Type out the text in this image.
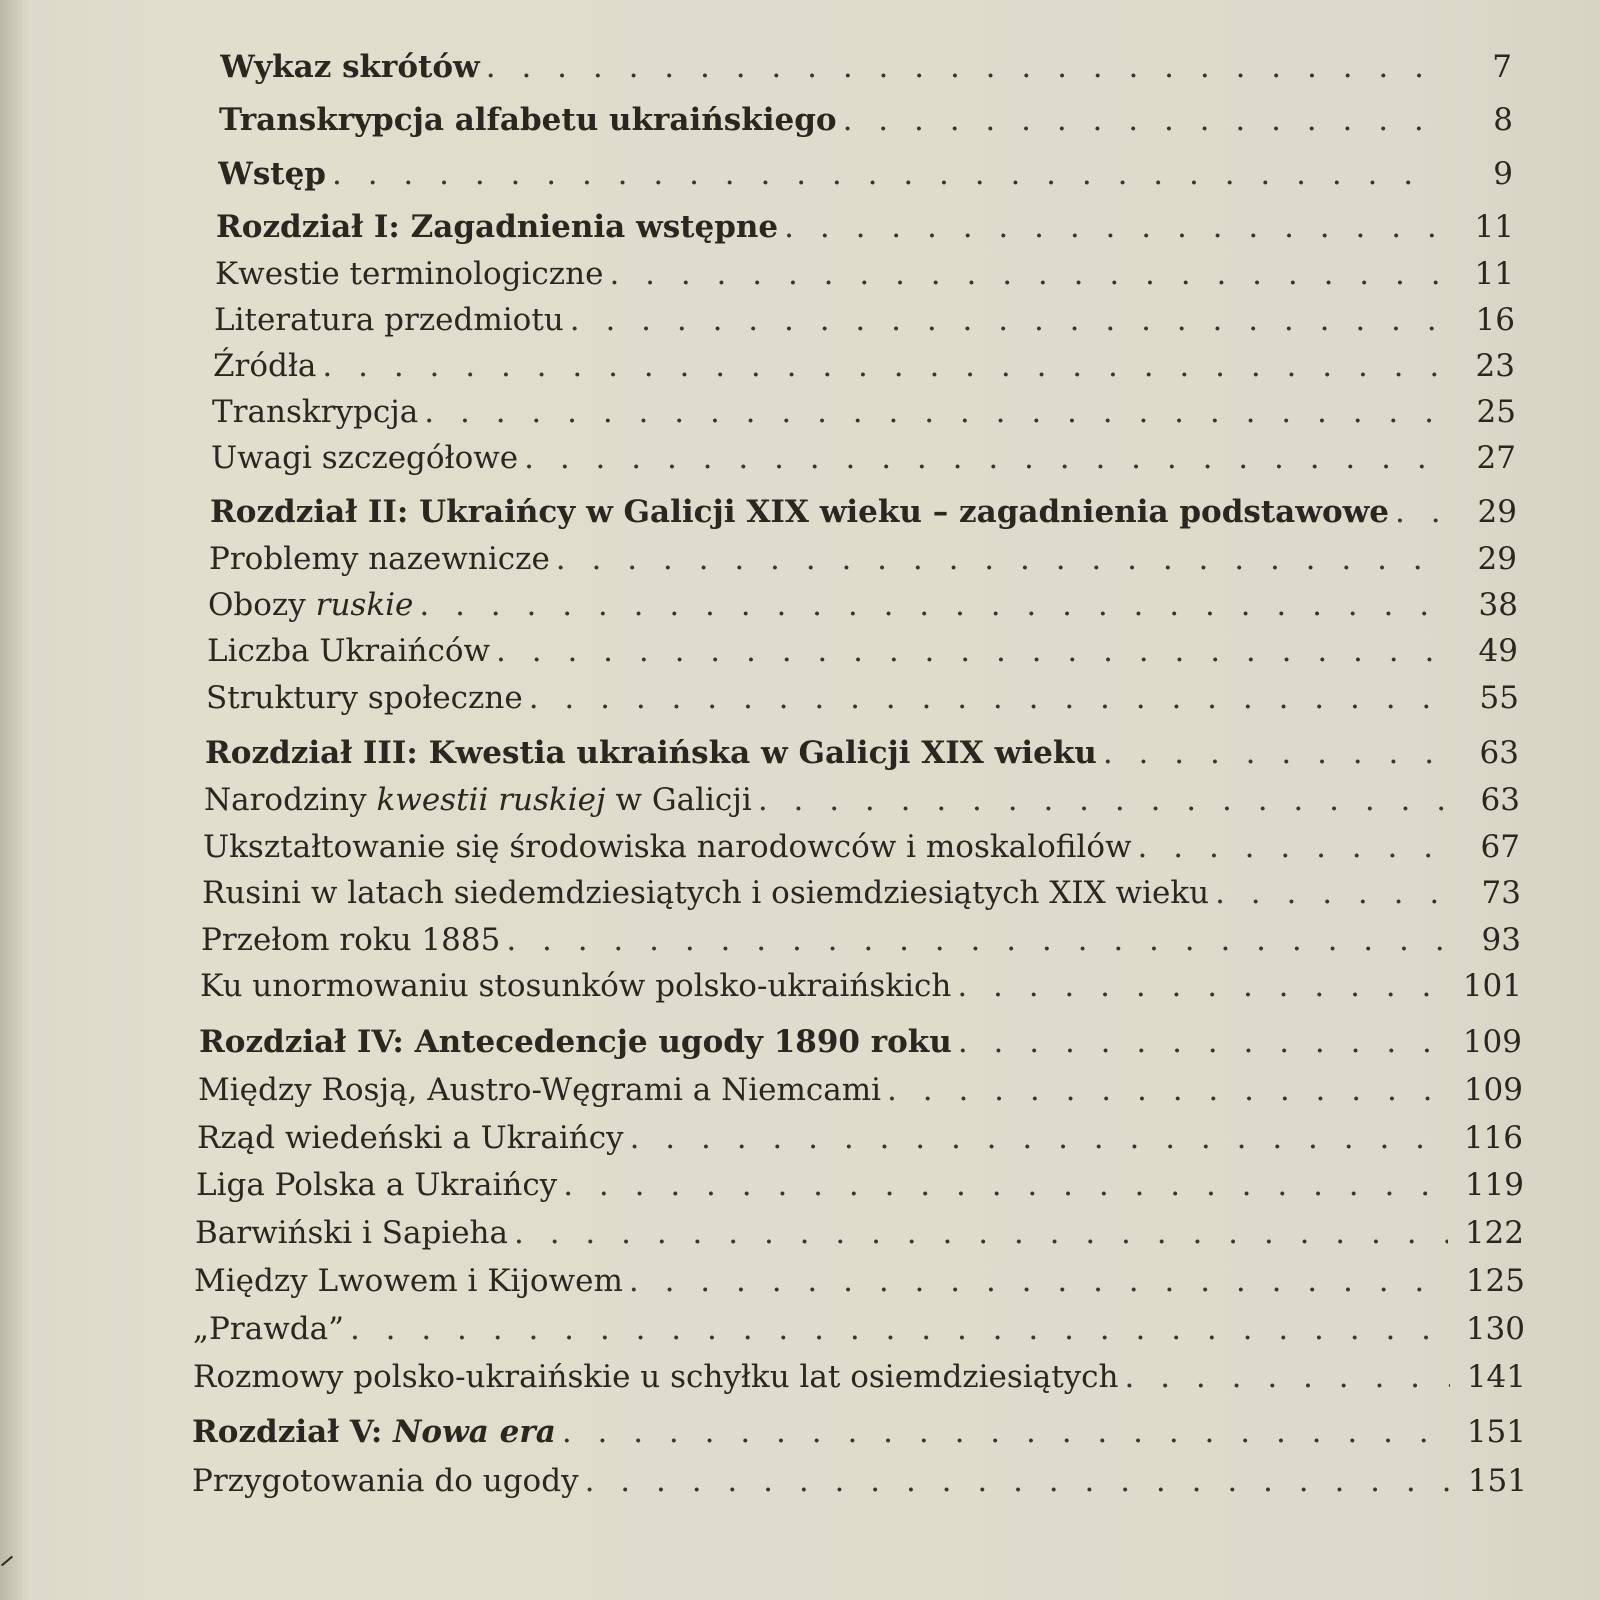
Wykaz skrótów . . .	7
Transkrypcja alfabetu ukraińskiego . . .	8
Wstęp . . .	9
Rozdział I: Zagadnienia wstępne . . .	11
Kwestie terminologiczne . . .	11
Literatura przedmiotu . . .	16
Źródła . . .	23
Transkrypcja . . .	25
Uwagi szczegółowe . . .	27
Rozdział II: Ukraińcy w Galicji XIX wieku – zagadnienia podstawowe . . .	29
Problemy nazewnicze . . .	29
Obozy ruskie . . .	38
Liczba Ukraińców . . .	49
Struktury społeczne . . .	55
Rozdział III: Kwestia ukraińska w Galicji XIX wieku . . .	63
Narodziny kwestii ruskiej w Galicji . . .	63
Ukształtowanie się środowiska narodowców i moskalofilów . . .	67
Rusini w latach siedemdziesiątych i osiemdziesiątych XIX wieku . . .	73
Przełom roku 1885 . . .	93
Ku unormowaniu stosunków polsko-ukraińskich . . .	101
Rozdział IV: Antecedencje ugody 1890 roku . . .	109
Między Rosją, Austro-Węgrami a Niemcami . . .	109
Rząd wiedeński a Ukraińcy . . .	116
Liga Polska a Ukraińcy . . .	119
Barwiński i Sapieha . . .	122
Między Lwowem i Kijowem . . .	125
„Prawda” . . .	130
Rozmowy polsko-ukraińskie u schyłku lat osiemdziesiątych . . .	141
Rozdział V: Nowa era . . .	151
Przygotowania do ugody . . .	151
